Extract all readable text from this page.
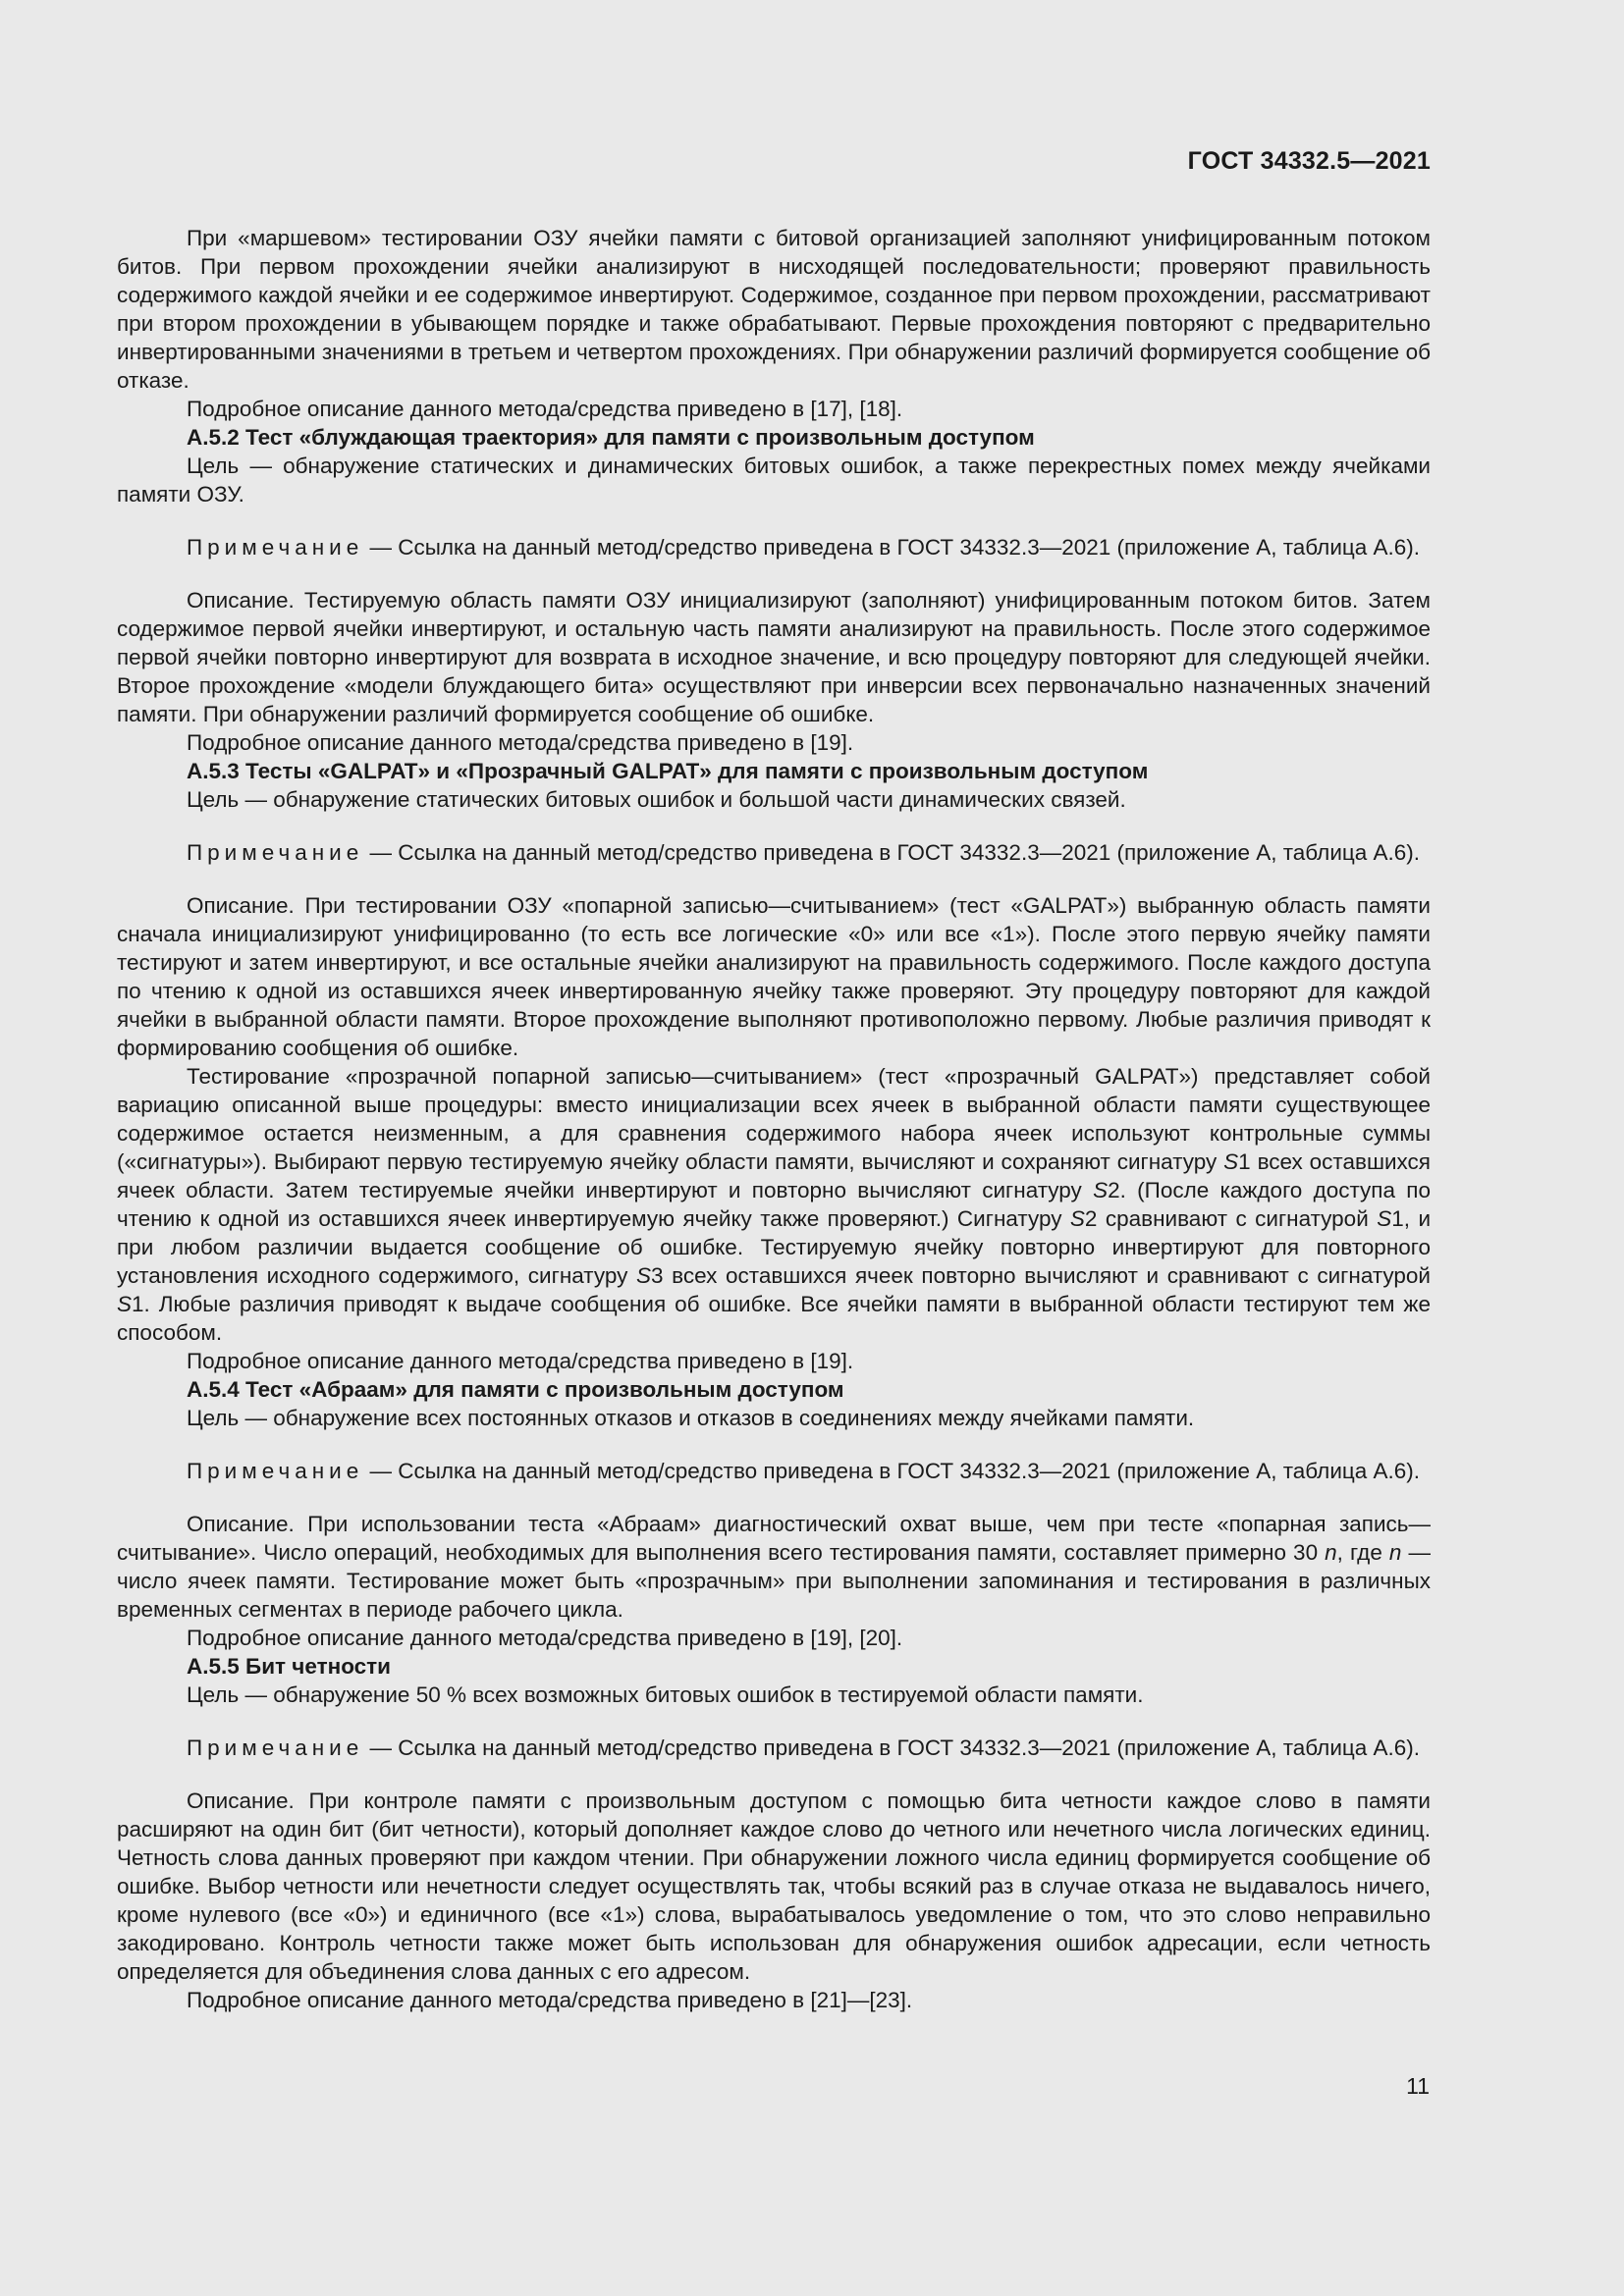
ГОСТ 34332.5—2021

При «маршевом» тестировании ОЗУ ячейки памяти с битовой организацией заполняют унифицированным потоком битов. При первом прохождении ячейки анализируют в нисходящей последовательности; проверяют правильность содержимого каждой ячейки и ее содержимое инвертируют. Содержимое, созданное при первом прохождении, рассматривают при втором прохождении в убывающем порядке и также обрабатывают. Первые прохождения повторяют с предварительно инвертированными значениями в третьем и четвертом прохождениях. При обнаружении различий формируется сообщение об отказе.

Подробное описание данного метода/средства приведено в [17], [18].

А.5.2 Тест «блуждающая траектория» для памяти с произвольным доступом

Цель — обнаружение статических и динамических битовых ошибок, а также перекрестных помех между ячейками памяти ОЗУ.

Примечание — Ссылка на данный метод/средство приведена в ГОСТ 34332.3—2021 (приложение А, таблица А.6).

Описание. Тестируемую область памяти ОЗУ инициализируют (заполняют) унифицированным потоком битов. Затем содержимое первой ячейки инвертируют, и остальную часть памяти анализируют на правильность. После этого содержимое первой ячейки повторно инвертируют для возврата в исходное значение, и всю процедуру повторяют для следующей ячейки. Второе прохождение «модели блуждающего бита» осуществляют при инверсии всех первоначально назначенных значений памяти. При обнаружении различий формируется сообщение об ошибке.

Подробное описание данного метода/средства приведено в [19].

А.5.3 Тесты «GALPAT» и «Прозрачный GALPAT» для памяти с произвольным доступом

Цель — обнаружение статических битовых ошибок и большой части динамических связей.

Примечание — Ссылка на данный метод/средство приведена в ГОСТ 34332.3—2021 (приложение А, таблица А.6).

Описание. При тестировании ОЗУ «попарной записью—считыванием» (тест «GALPAT») выбранную область памяти сначала инициализируют унифицированно (то есть все логические «0» или все «1»). После этого первую ячейку памяти тестируют и затем инвертируют, и все остальные ячейки анализируют на правильность содержимого. После каждого доступа по чтению к одной из оставшихся ячеек инвертированную ячейку также проверяют. Эту процедуру повторяют для каждой ячейки в выбранной области памяти. Второе прохождение выполняют противоположно первому. Любые различия приводят к формированию сообщения об ошибке.

Тестирование «прозрачной попарной записью—считыванием» (тест «прозрачный GALPAT») представляет собой вариацию описанной выше процедуры: вместо инициализации всех ячеек в выбранной области памяти существующее содержимое остается неизменным, а для сравнения содержимого набора ячеек используют контрольные суммы («сигнатуры»). Выбирают первую тестируемую ячейку области памяти, вычисляют и сохраняют сигнатуру S1 всех оставшихся ячеек области. Затем тестируемые ячейки инвертируют и повторно вычисляют сигнатуру S2. (После каждого доступа по чтению к одной из оставшихся ячеек инвертируемую ячейку также проверяют.) Сигнатуру S2 сравнивают с сигнатурой S1, и при любом различии выдается сообщение об ошибке. Тестируемую ячейку повторно инвертируют для повторного установления исходного содержимого, сигнатуру S3 всех оставшихся ячеек повторно вычисляют и сравнивают с сигнатурой S1. Любые различия приводят к выдаче сообщения об ошибке. Все ячейки памяти в выбранной области тестируют тем же способом.

Подробное описание данного метода/средства приведено в [19].

А.5.4 Тест «Абраам» для памяти с произвольным доступом

Цель — обнаружение всех постоянных отказов и отказов в соединениях между ячейками памяти.

Примечание — Ссылка на данный метод/средство приведена в ГОСТ 34332.3—2021 (приложение А, таблица А.6).

Описание. При использовании теста «Абраам» диагностический охват выше, чем при тесте «попарная запись—считывание». Число операций, необходимых для выполнения всего тестирования памяти, составляет примерно 30 n, где n — число ячеек памяти. Тестирование может быть «прозрачным» при выполнении запоминания и тестирования в различных временных сегментах в периоде рабочего цикла.

Подробное описание данного метода/средства приведено в [19], [20].

А.5.5 Бит четности

Цель — обнаружение 50 % всех возможных битовых ошибок в тестируемой области памяти.

Примечание — Ссылка на данный метод/средство приведена в ГОСТ 34332.3—2021 (приложение А, таблица А.6).

Описание. При контроле памяти с произвольным доступом с помощью бита четности каждое слово в памяти расширяют на один бит (бит четности), который дополняет каждое слово до четного или нечетного числа логических единиц. Четность слова данных проверяют при каждом чтении. При обнаружении ложного числа единиц формируется сообщение об ошибке. Выбор четности или нечетности следует осуществлять так, чтобы всякий раз в случае отказа не выдавалось ничего, кроме нулевого (все «0») и единичного (все «1») слова, вырабатывалось уведомление о том, что это слово неправильно закодировано. Контроль четности также может быть использован для обнаружения ошибок адресации, если четность определяется для объединения слова данных с его адресом.

Подробное описание данного метода/средства приведено в [21]—[23].

11
